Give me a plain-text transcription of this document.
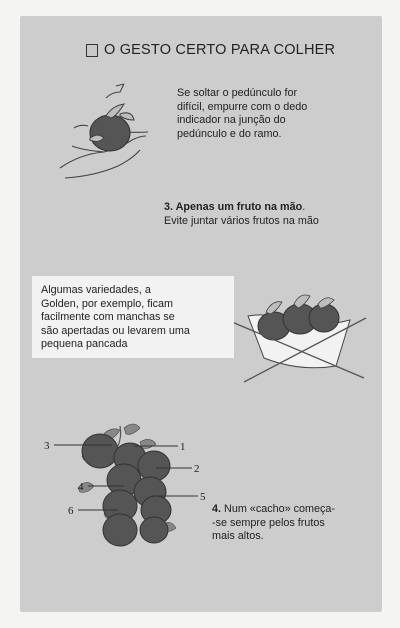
O GESTO CERTO PARA COLHER
3	1
2
4
5
6
Se soltar o pedúnculo for
difícil, empurre com o dedo
indicador na junção do
pedúnculo e do ramo.
3. Apenas um fruto na mão.
Evite juntar vários frutos na mão
Algumas variedades, a
Golden, por exemplo, ficam
facilmente com manchas se
são apertadas ou levarem uma
pequena pancada
4. Num «cacho» começa-
-se sempre pelos frutos
mais altos.
